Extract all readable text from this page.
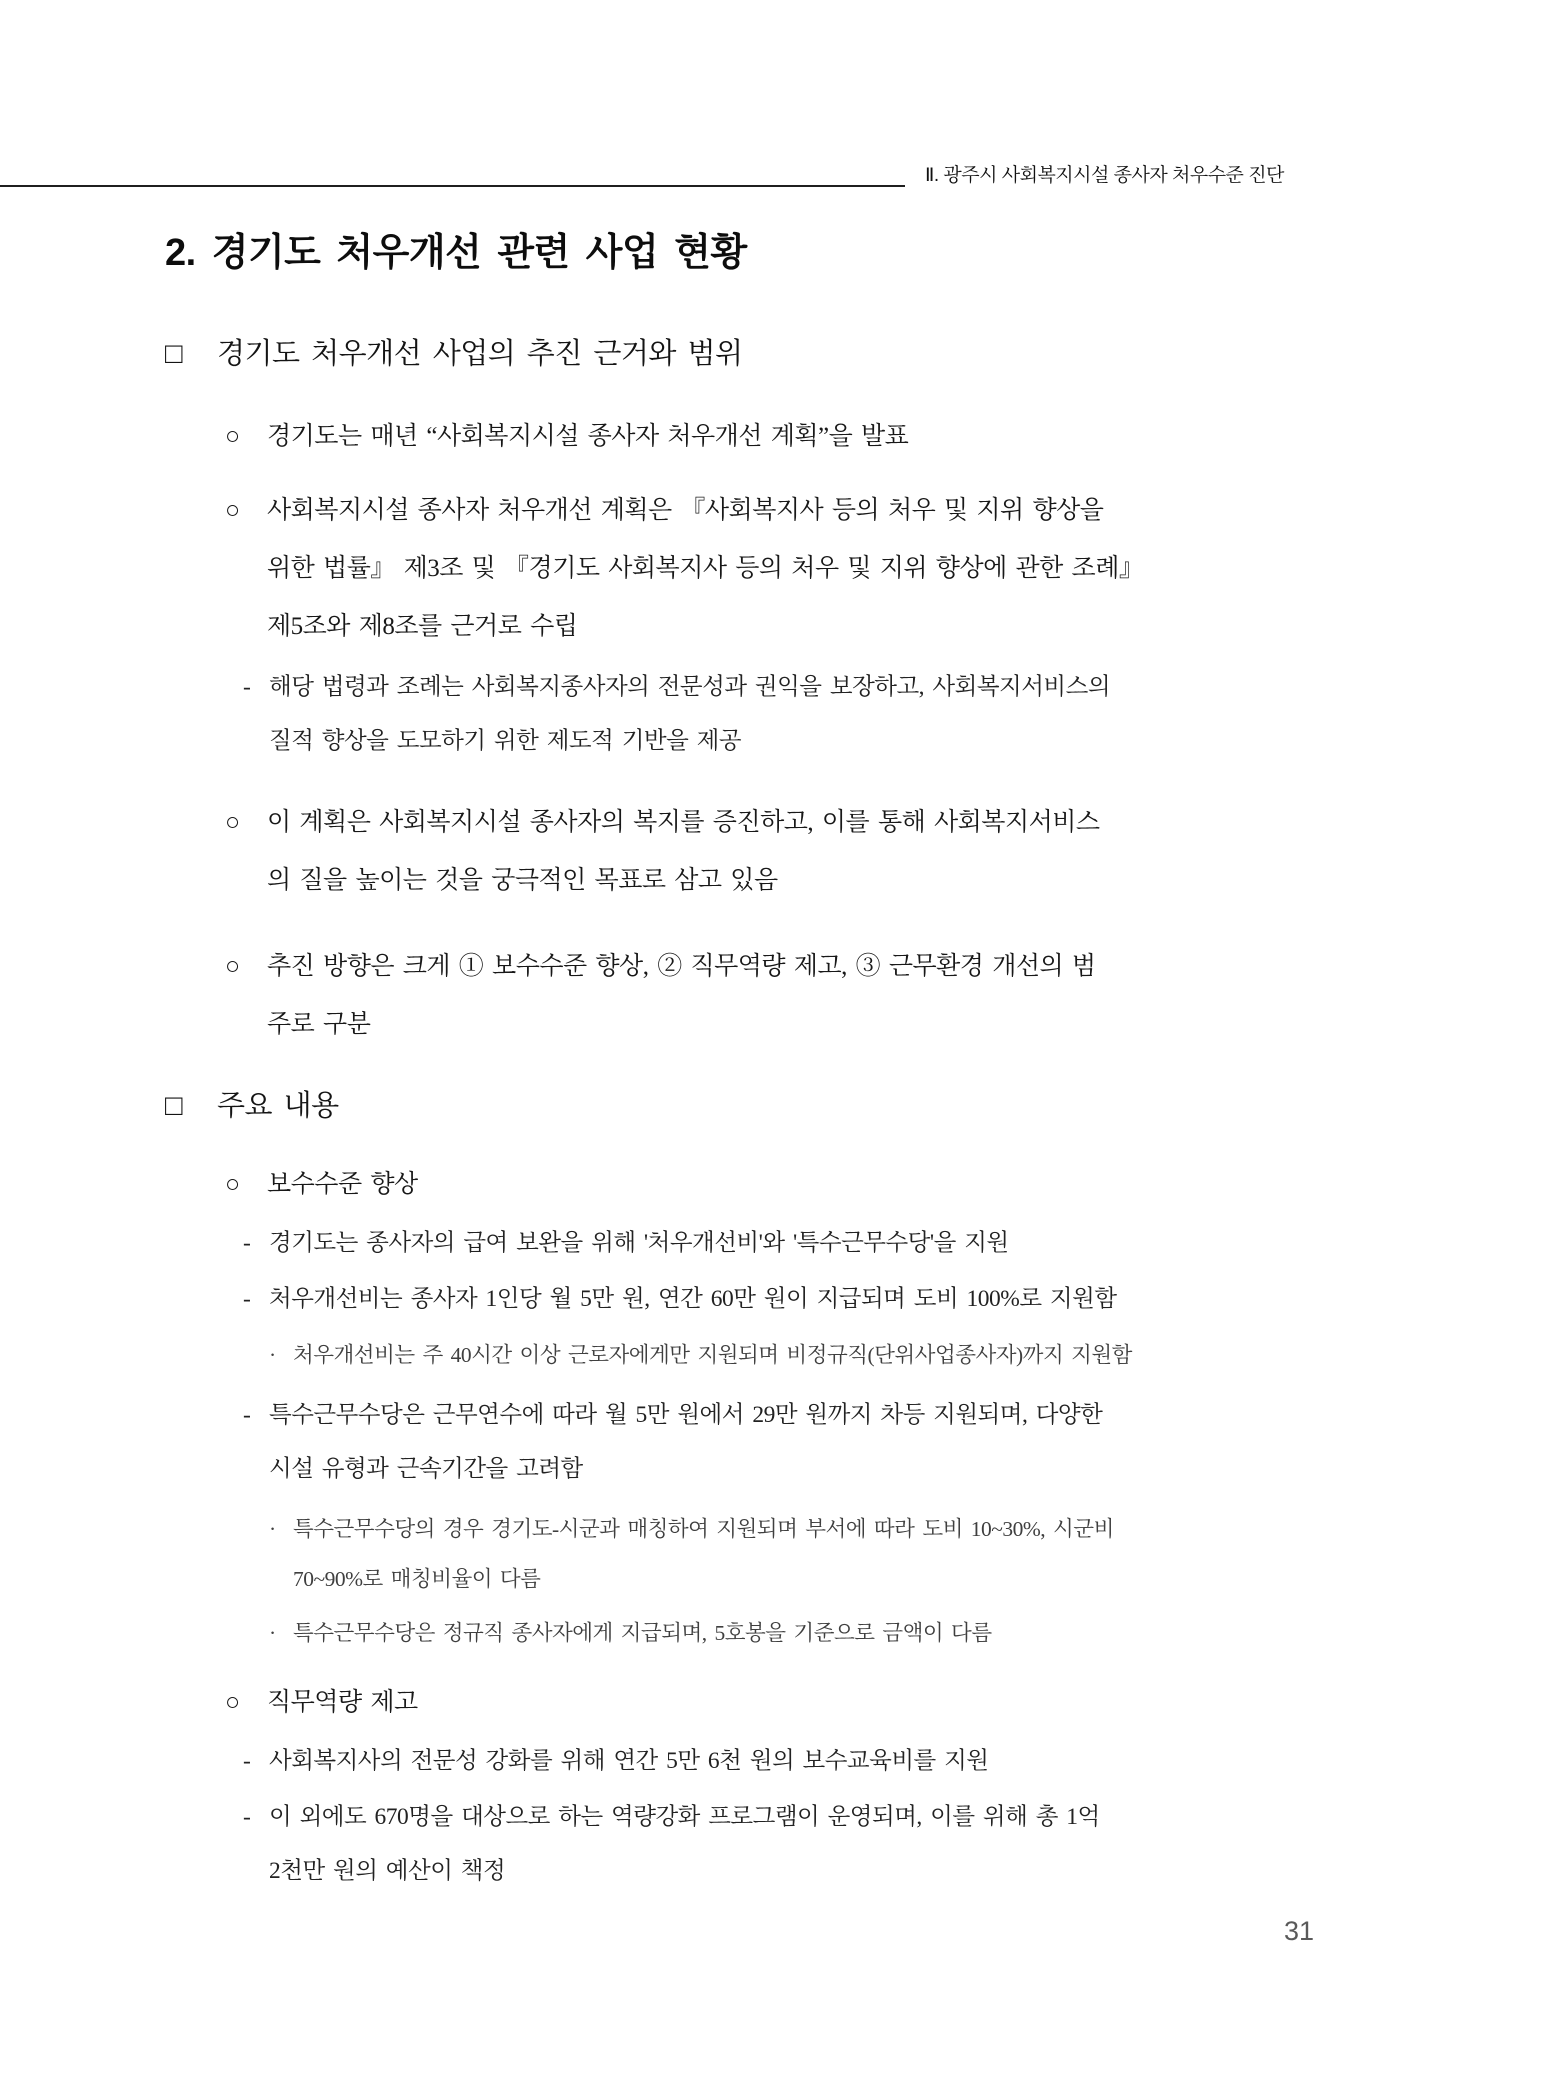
Ⅱ. 광주시 사회복지시설 종사자 처우수준 진단
2. 경기도 처우개선 관련 사업 현황
□	경기도 처우개선 사업의 추진 근거와 범위
○	경기도는 매년 “사회복지시설 종사자 처우개선 계획”을 발표
○	사회복지시설 종사자 처우개선 계획은 『사회복지사 등의 처우 및 지위 향상을
위한 법률』 제3조 및 『경기도 사회복지사 등의 처우 및 지위 향상에 관한 조례』
제5조와 제8조를 근거로 수립
- 해당 법령과 조례는 사회복지종사자의 전문성과 권익을 보장하고, 사회복지서비스의
질적 향상을 도모하기 위한 제도적 기반을 제공
○	이 계획은 사회복지시설 종사자의 복지를 증진하고, 이를 통해 사회복지서비스
의 질을 높이는 것을 궁극적인 목표로 삼고 있음
○	추진 방향은 크게 ① 보수수준 향상, ② 직무역량 제고, ③ 근무환경 개선의 범
주로 구분
□	주요 내용
○	보수수준 향상
- 경기도는 종사자의 급여 보완을 위해 '처우개선비'와 '특수근무수당'을 지원
- 처우개선비는 종사자 1인당 월 5만 원, 연간 60만 원이 지급되며 도비 100%로 지원함
· 처우개선비는 주 40시간 이상 근로자에게만 지원되며 비정규직(단위사업종사자)까지 지원함
- 특수근무수당은 근무연수에 따라 월 5만 원에서 29만 원까지 차등 지원되며, 다양한
시설 유형과 근속기간을 고려함
· 특수근무수당의 경우 경기도-시군과 매칭하여 지원되며 부서에 따라 도비 10~30%, 시군비
70~90%로 매칭비율이 다름
· 특수근무수당은 정규직 종사자에게 지급되며, 5호봉을 기준으로 금액이 다름
○	직무역량 제고
- 사회복지사의 전문성 강화를 위해 연간 5만 6천 원의 보수교육비를 지원
- 이 외에도 670명을 대상으로 하는 역량강화 프로그램이 운영되며, 이를 위해 총 1억
2천만 원의 예산이 책정
31
